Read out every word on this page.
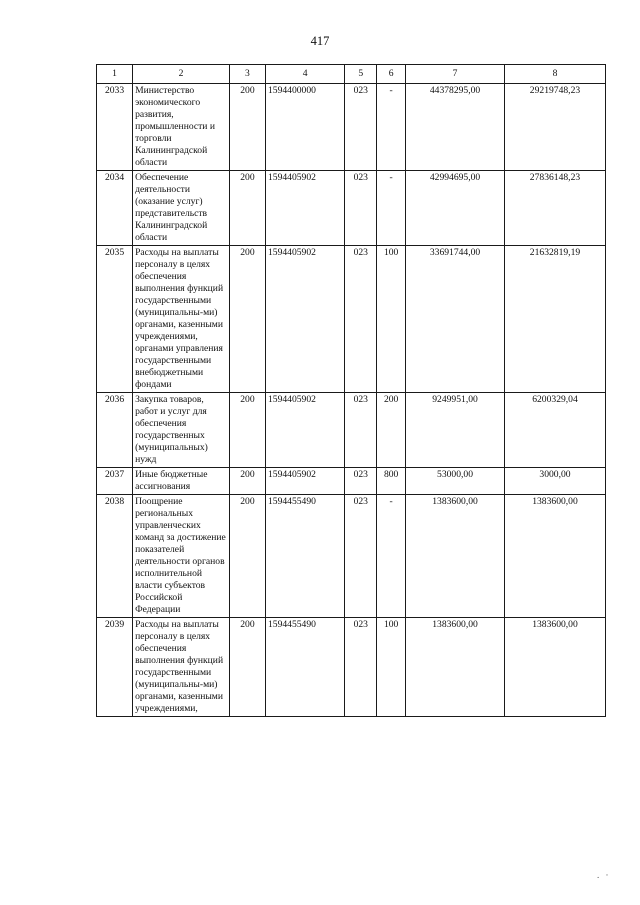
417
1	2	3	4	5	6	7	8
2033	Министерство экономического развития, промышленности и торговли Калининградской области	200	1594400000	023	-	44378295,00	29219748,23
2034	Обеспечение деятельности (оказание услуг) представительств Калининградской области	200	1594405902	023	-	42994695,00	27836148,23
2035	Расходы на выплаты персоналу в целях обеспечения выполнения функций государственными (муниципальны-ми) органами, казенными учреждениями, органами управления государственными внебюджетными фондами	200	1594405902	023	100	33691744,00	21632819,19
2036	Закупка товаров, работ и услуг для обеспечения государственных (муниципальных) нужд	200	1594405902	023	200	9249951,00	6200329,04
2037	Иные бюджетные ассигнования	200	1594405902	023	800	53000,00	3000,00
2038	Поощрение региональных управленческих команд за достижение показателей деятельности органов исполнительной власти субъектов Российской Федерации	200	1594455490	023	-	1383600,00	1383600,00
2039	Расходы на выплаты персоналу в целях обеспечения выполнения функций государственными (муниципальны-ми) органами, казенными учреждениями,	200	1594455490	023	100	1383600,00	1383600,00
. ·
